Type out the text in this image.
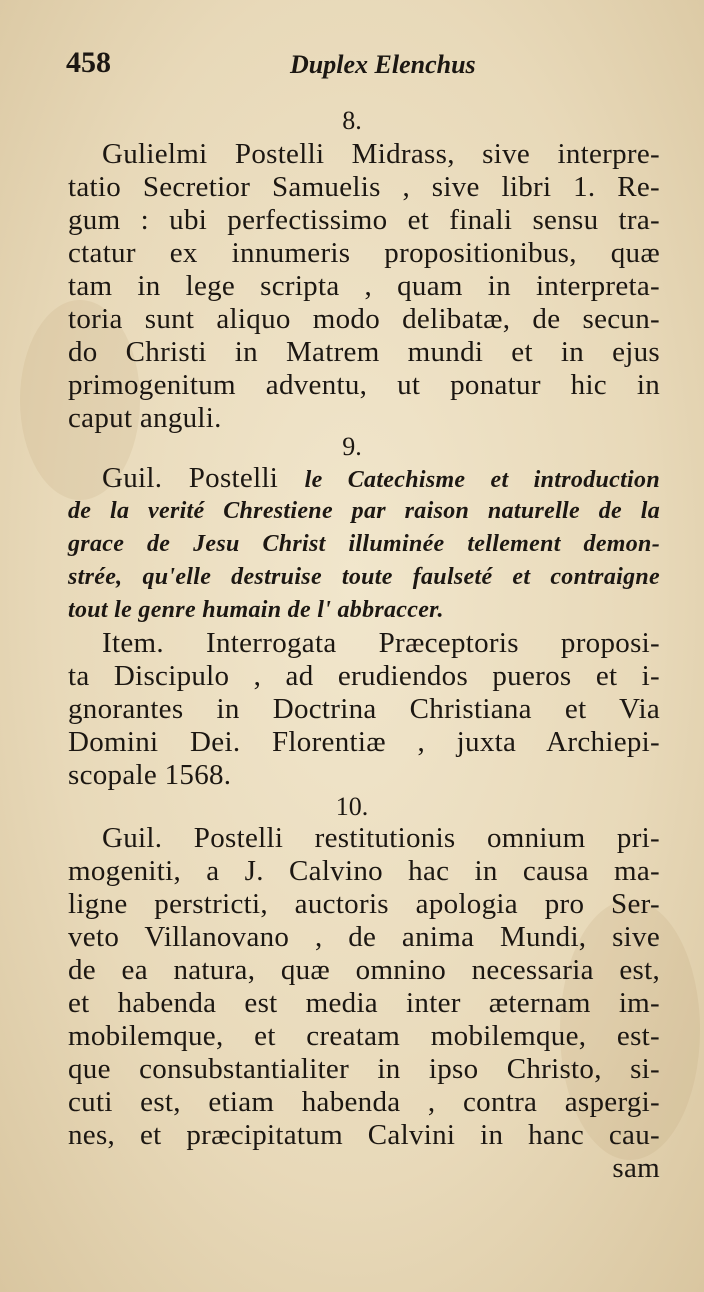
458	Duplex Elenchus
8.
Gulielmi Postelli Midrass, sive interpre-
tatio Secretior Samuelis , sive libri 1. Re-
gum : ubi perfectissimo et finali sensu tra-
ctatur ex innumeris propositionibus, quæ
tam in lege scripta , quam in interpreta-
toria sunt aliquo modo delibatæ, de secun-
do Christi in Matrem mundi et in ejus
primogenitum adventu, ut ponatur hic in
caput anguli.
9.
Guil. Postelli le Catechisme et introduction
de la verité Chrestiene par raison naturelle de la
grace de Jesu Christ illuminée tellement demon-
strée, qu'elle destruise toute faulseté et contraigne
tout le genre humain de l' abbraccer.
Item. Interrogata Præceptoris proposi-
ta Discipulo , ad erudiendos pueros et i-
gnorantes in Doctrina Christiana et Via
Domini Dei. Florentiæ , juxta Archiepi-
scopale 1568.
10.
Guil. Postelli restitutionis omnium pri-
mogeniti, a J. Calvino hac in causa ma-
ligne perstricti, auctoris apologia pro Ser-
veto Villanovano , de anima Mundi, sive
de ea natura, quæ omnino necessaria est,
et habenda est media inter æternam im-
mobilemque, et creatam mobilemque, est-
que consubstantialiter in ipso Christo, si-
cuti est, etiam habenda , contra aspergi-
nes, et præcipitatum Calvini in hanc cau-
sam
